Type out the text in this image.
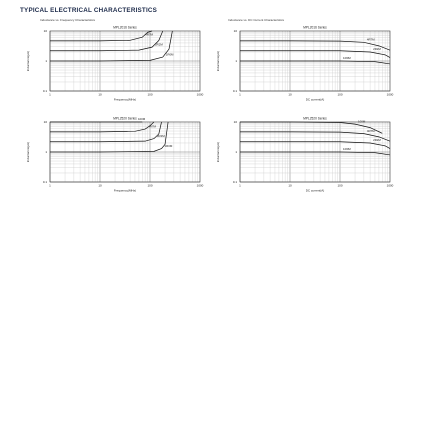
TYPICAL ELECTRICAL CHARACTERISTICS
Inductance vs. Frequency Characteristics	Inductance vs. DC Current Characteristics
MPL2016 Series
1	10	100	1000
10
1
0.1
Frequency(MHz)
Inductance(μH)
4R7M
2R2M
1R0M
MPL2016 Series
1	10	100	1000
10
1
0.1
DC current(A)
Inductance(μH)
4R7M
2R2M
1R0M
MPL2520 Series
1	10	100	1000
10
1
0.1
Frequency(MHz)
Inductance(μH)
100M
4R7M
2R2M
1R0M
MPL2520 Series
1	10	100	1000
10
1
0.1
DC current(A)
Inductance(μH)
100M
4R7M
2R2M
1R0M
